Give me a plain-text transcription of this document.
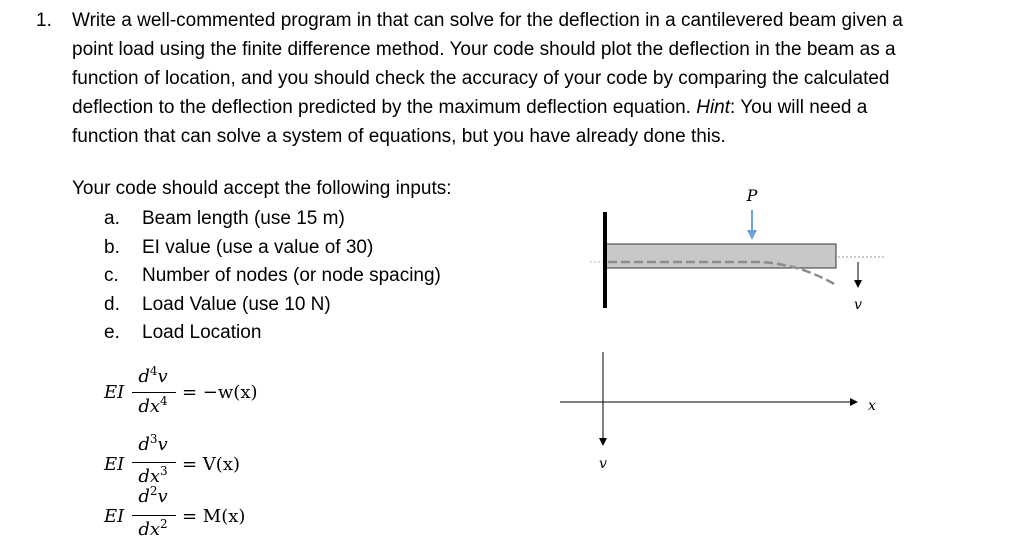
1. Write a well-commented program in that can solve for the deflection in a cantilevered beam given a
point load using the finite difference method. Your code should plot the deflection in the beam as a
function of location, and you should check the accuracy of your code by comparing the calculated
deflection to the deflection predicted by the maximum deflection equation. Hint: You will need a
function that can solve a system of equations, but you have already done this.
Your code should accept the following inputs:
a. Beam length (use 15 m)
b. EI value (use a value of 30)
c. Number of nodes (or node spacing)
d. Load Value (use 10 N)
e. Load Location
EI
$d^4v$
$dx^4 = -w(x)$
EI
$d^3v$
$dx^3 = V(x)$
EI
$d^2v$
$dx^2 = M(x)$
P
v
x
v
